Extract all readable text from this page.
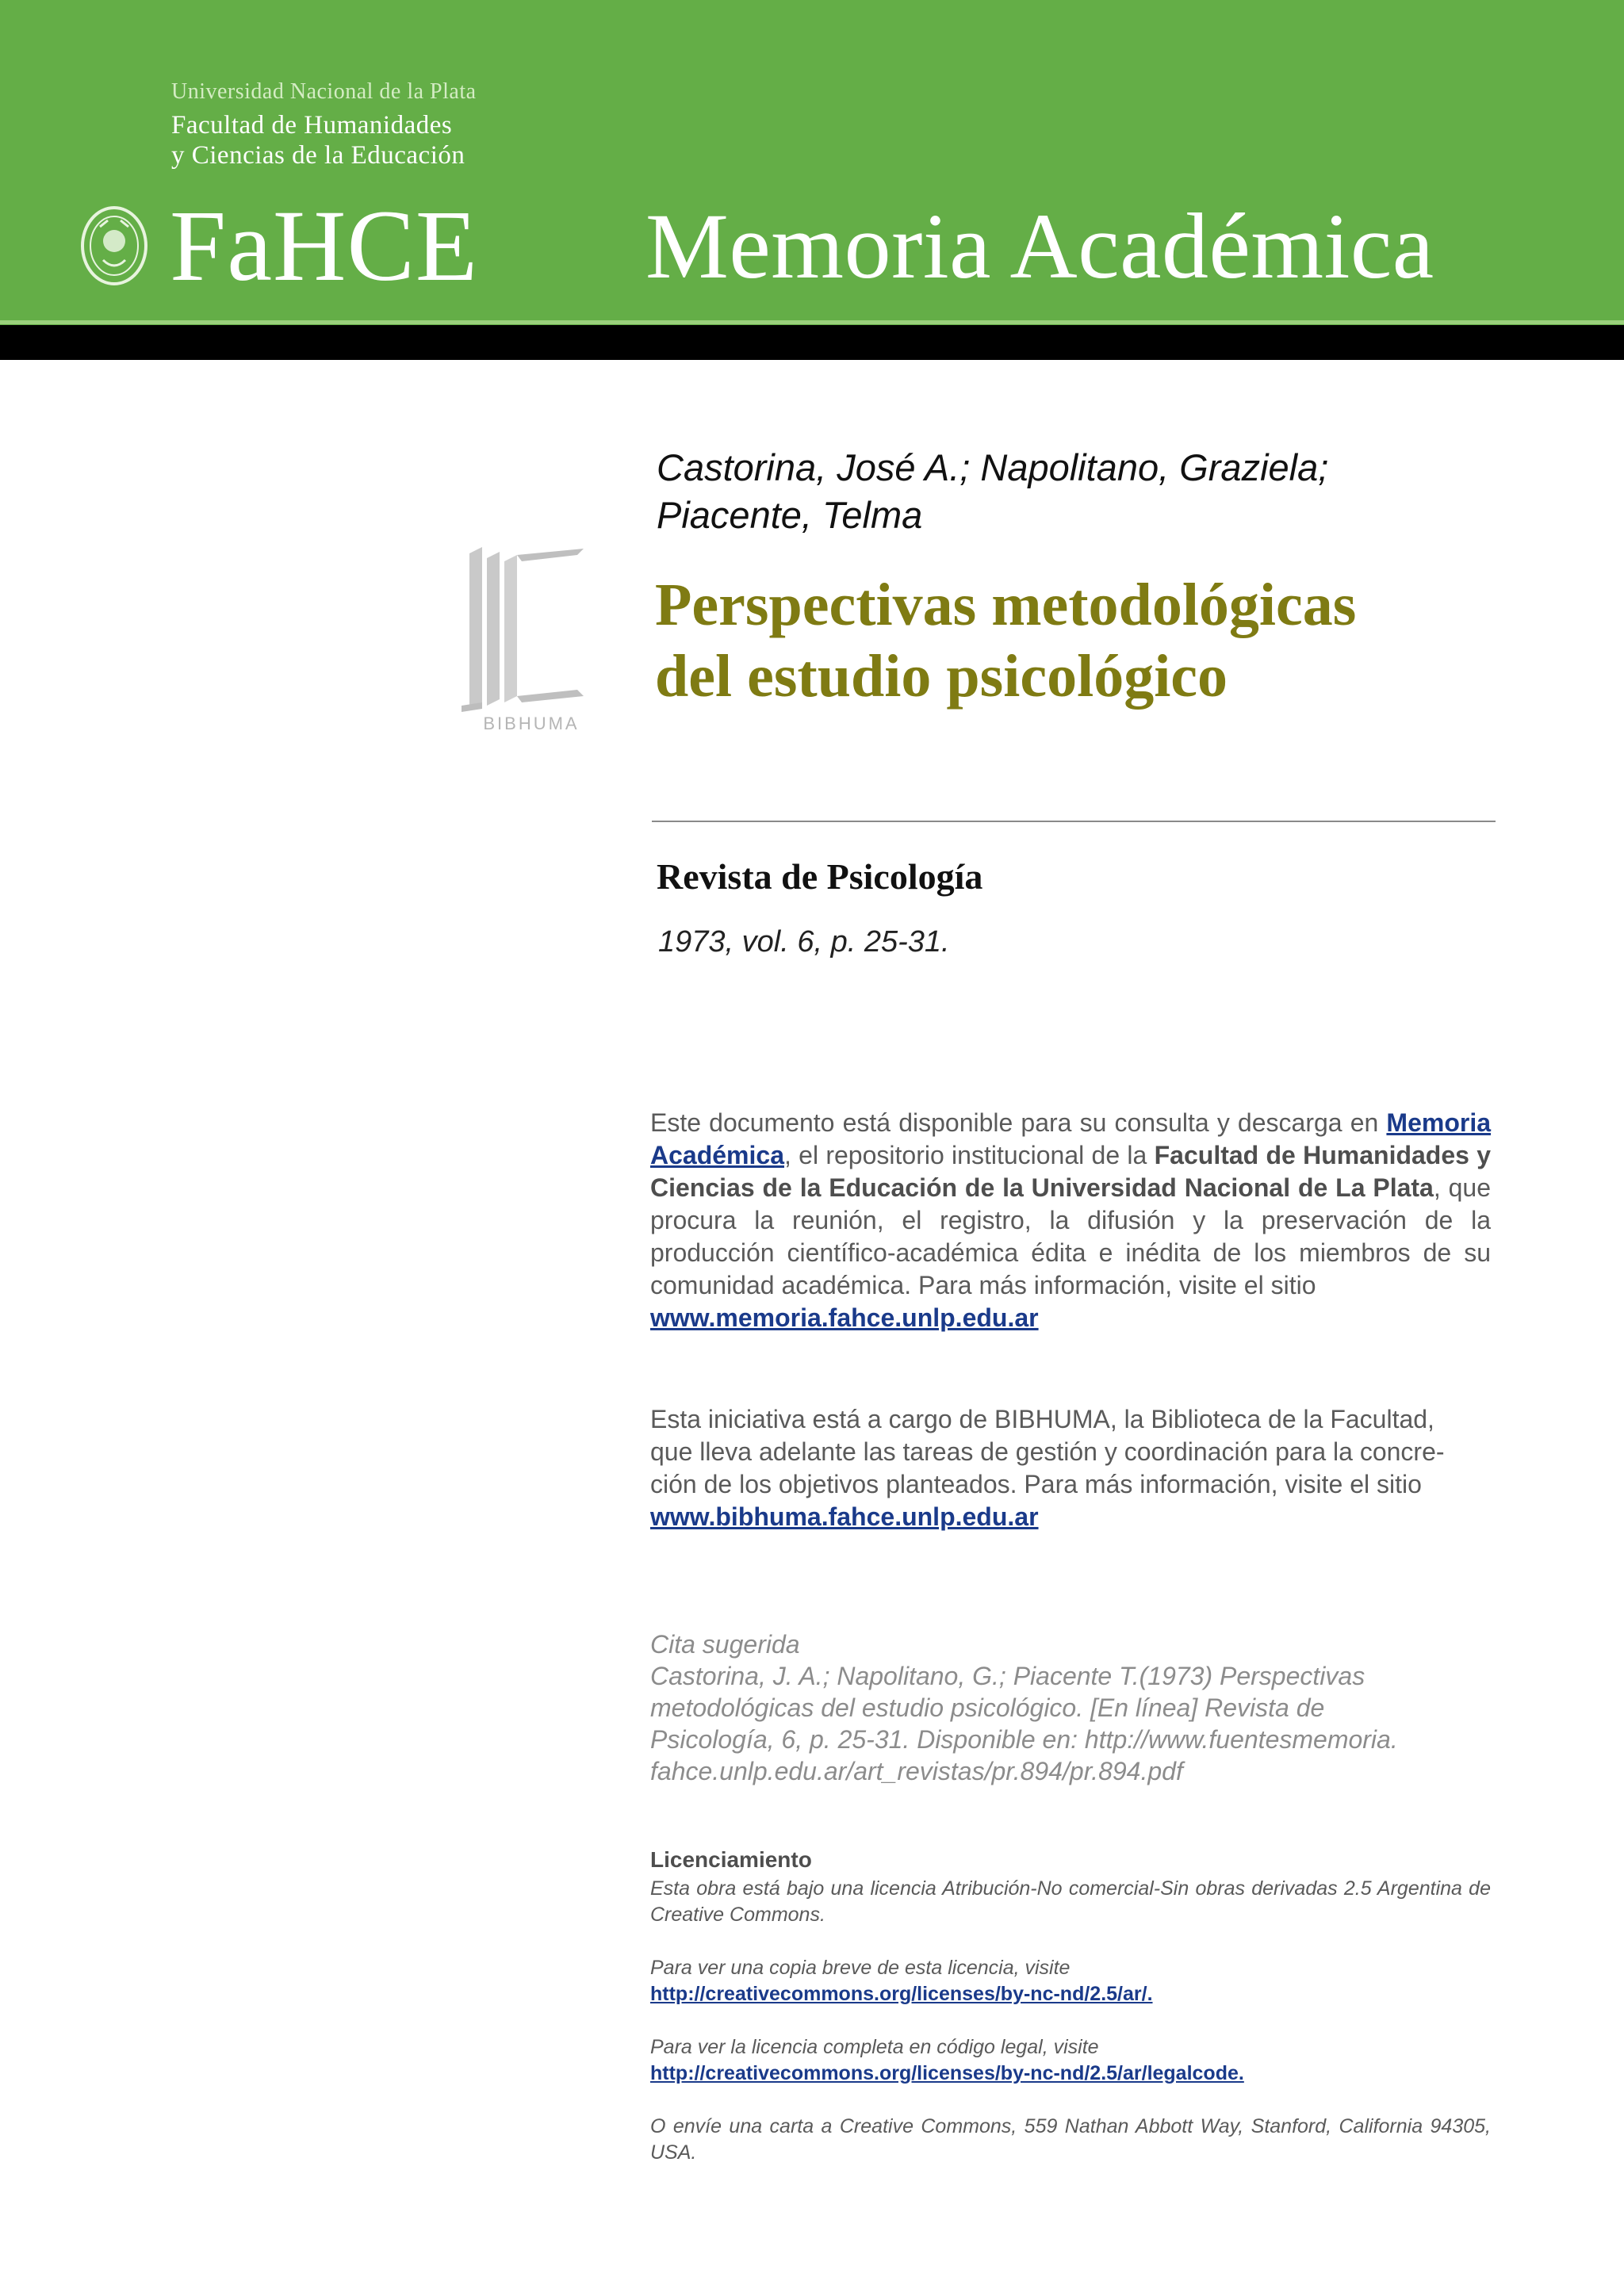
Universidad Nacional de la Plata
Facultad de Humanidades
y Ciencias de la Educación
FaHCE Memoria Académica
Castorina, José A.; Napolitano, Graziela;
Piacente, Telma
BIBHUMA
Perspectivas metodológicas
del estudio psicológico
Revista de Psicología
1973, vol. 6, p. 25-31.
Este documento está disponible para su consulta y descarga en Memoria Académica, el repositorio institucional de la Facultad de Humanidades y Ciencias de la Educación de la Universidad Nacional de La Plata, que procura la reunión, el registro, la difusión y la preservación de la producción científico-académica édita e inédita de los miembros de su comunidad académica. Para más información, visite el sitio
www.memoria.fahce.unlp.edu.ar
Esta iniciativa está a cargo de BIBHUMA, la Biblioteca de la Facultad,
que lleva adelante las tareas de gestión y coordinación para la concre-
ción de los objetivos planteados. Para más información, visite el sitio
www.bibhuma.fahce.unlp.edu.ar
Cita sugerida
Castorina, J. A.; Napolitano, G.; Piacente T.(1973) Perspectivas
metodológicas del estudio psicológico. [En línea] Revista de
Psicología, 6, p. 25-31. Disponible en: http://www.fuentesmemoria.
fahce.unlp.edu.ar/art_revistas/pr.894/pr.894.pdf
Licenciamiento
Esta obra está bajo una licencia Atribución-No comercial-Sin obras derivadas 2.5 Argentina de Creative Commons.
Para ver una copia breve de esta licencia, visite
http://creativecommons.org/licenses/by-nc-nd/2.5/ar/.
Para ver la licencia completa en código legal, visite
http://creativecommons.org/licenses/by-nc-nd/2.5/ar/legalcode.
O envíe una carta a Creative Commons, 559 Nathan Abbott Way, Stanford, California 94305, USA.
